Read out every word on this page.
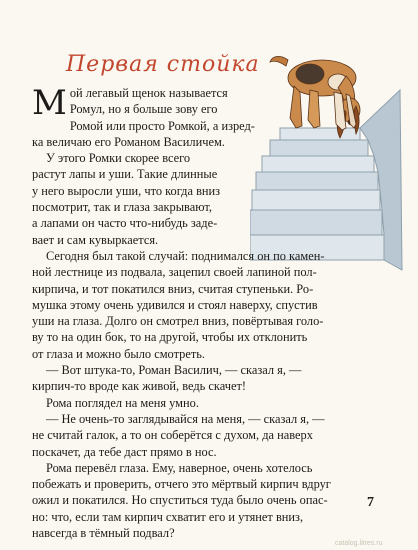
Первая стойка

М ой легавый щенок называется
Ромул, но я больше зову его
Ромой или просто Ромкой, а изред-
ка величаю его Романом Василичем.

У этого Ромки скорее всего
растут лапы и уши. Такие длинные
у него выросли уши, что когда вниз
посмотрит, так и глаза закрывают,
а лапами он часто что-нибудь заде-
вает и сам кувыркается.

Сегодня был такой случай: поднимался он по камен-
ной лестнице из подвала, зацепил своей лапиной пол-
кирпича, и тот покатился вниз, считая ступеньки. Ро-
мушка этому очень удивился и стоял наверху, спустив
уши на глаза. Долго он смотрел вниз, повёртывая голо-
ву то на один бок, то на другой, чтобы их отклонить
от глаза и можно было смотреть.

— Вот штука-то, Роман Василич, — сказал я, —
кирпич-то вроде как живой, ведь скачет!

Рома поглядел на меня умно.

— Не очень-то заглядывайся на меня, — сказал я, —
не считай галок, а то он соберётся с духом, да наверх
поскачет, да тебе даст прямо в нос.

Рома перевёл глаза. Ему, наверное, очень хотелось
побежать и проверить, отчего это мёртвый кирпич вдруг
ожил и покатился. Но спуститься туда было очень опас-
но: что, если там кирпич схватит его и утянет вниз,
навсегда в тёмный подвал?

7
catalog.litres.ru
